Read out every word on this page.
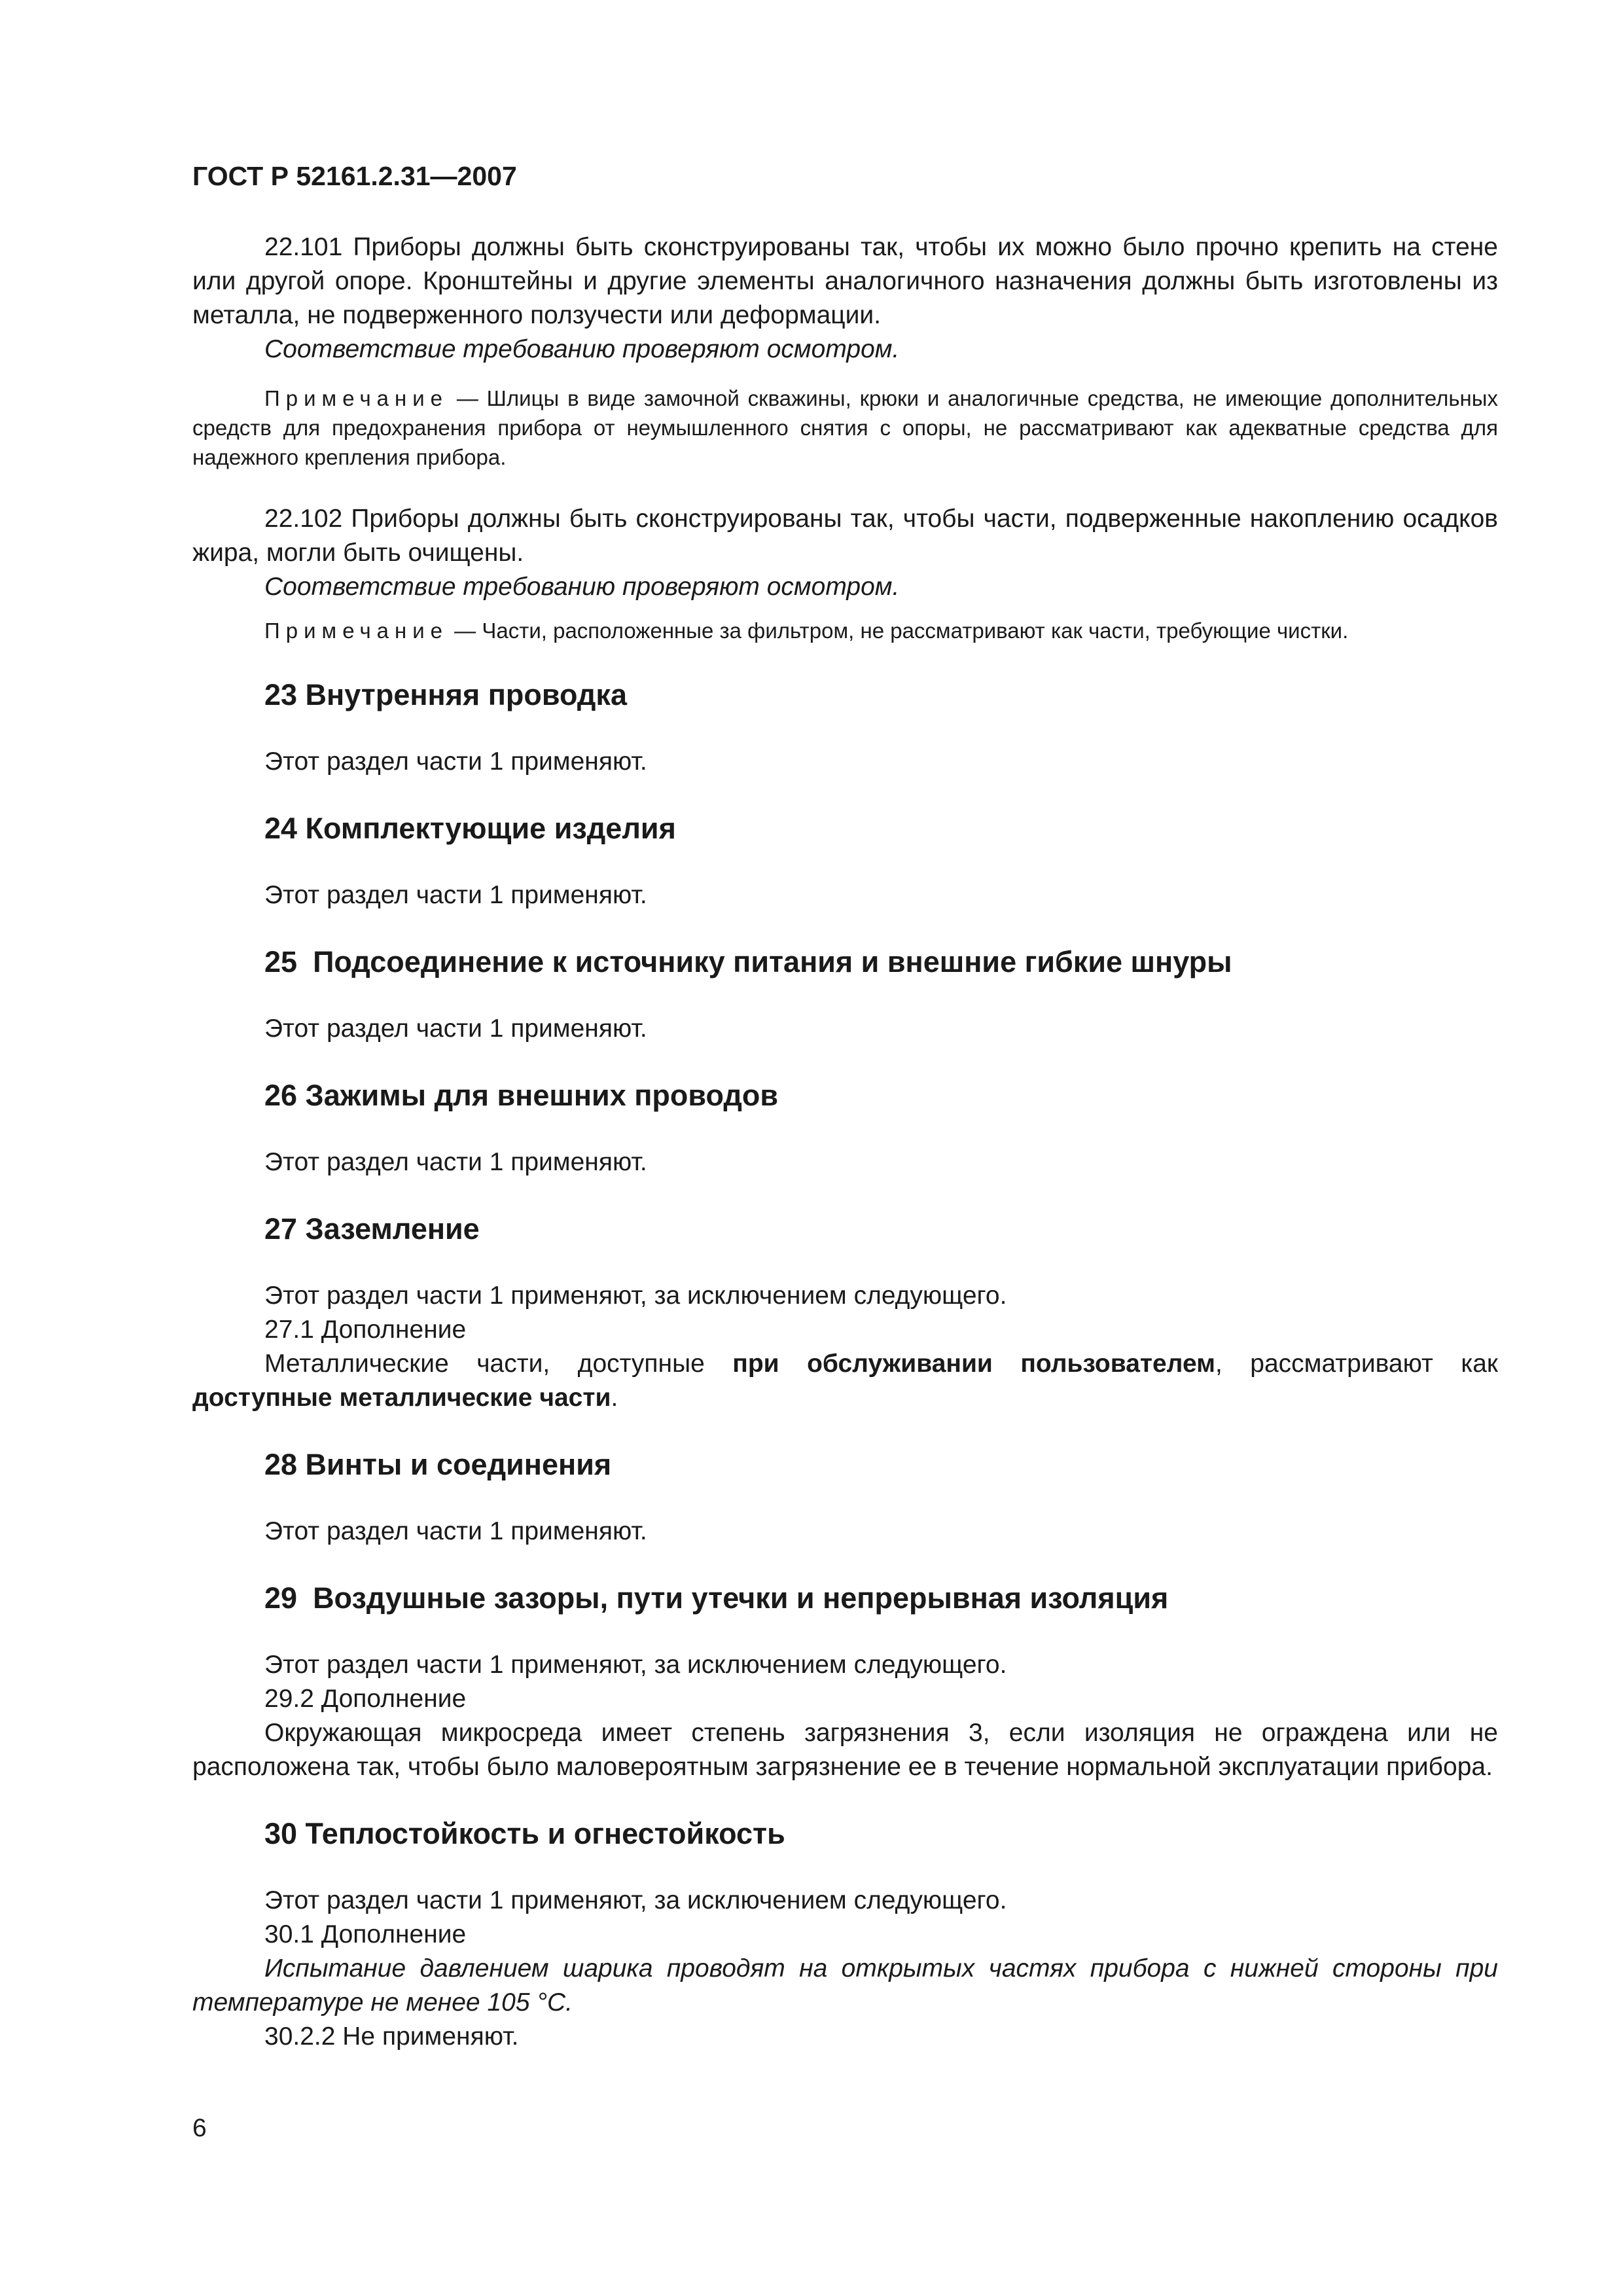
ГОСТ Р 52161.2.31—2007

22.101 Приборы должны быть сконструированы так, чтобы их можно было прочно крепить на стене или другой опоре. Кронштейны и другие элементы аналогичного назначения должны быть изготовлены из металла, не подверженного ползучести или деформации.

Соответствие требованию проверяют осмотром.

Примечание — Шлицы в виде замочной скважины, крюки и аналогичные средства, не имеющие дополнительных средств для предохранения прибора от неумышленного снятия с опоры, не рассматривают как адекватные средства для надежного крепления прибора.

22.102 Приборы должны быть сконструированы так, чтобы части, подверженные накоплению осадков жира, могли быть очищены.

Соответствие требованию проверяют осмотром.

Примечание — Части, расположенные за фильтром, не рассматривают как части, требующие чистки.

23 Внутренняя проводка

Этот раздел части 1 применяют.

24 Комплектующие изделия

Этот раздел части 1 применяют.

25 Подсоединение к источнику питания и внешние гибкие шнуры

Этот раздел части 1 применяют.

26 Зажимы для внешних проводов

Этот раздел части 1 применяют.

27 Заземление

Этот раздел части 1 применяют, за исключением следующего.

27.1 Дополнение

Металлические части, доступные при обслуживании пользователем, рассматривают как доступные металлические части.

28 Винты и соединения

Этот раздел части 1 применяют.

29 Воздушные зазоры, пути утечки и непрерывная изоляция

Этот раздел части 1 применяют, за исключением следующего.

29.2 Дополнение

Окружающая микросреда имеет степень загрязнения 3, если изоляция не ограждена или не расположена так, чтобы было маловероятным загрязнение ее в течение нормальной эксплуатации прибора.

30 Теплостойкость и огнестойкость

Этот раздел части 1 применяют, за исключением следующего.

30.1 Дополнение

Испытание давлением шарика проводят на открытых частях прибора с нижней стороны при температуре не менее 105 °С.

30.2.2 Не применяют.

6
